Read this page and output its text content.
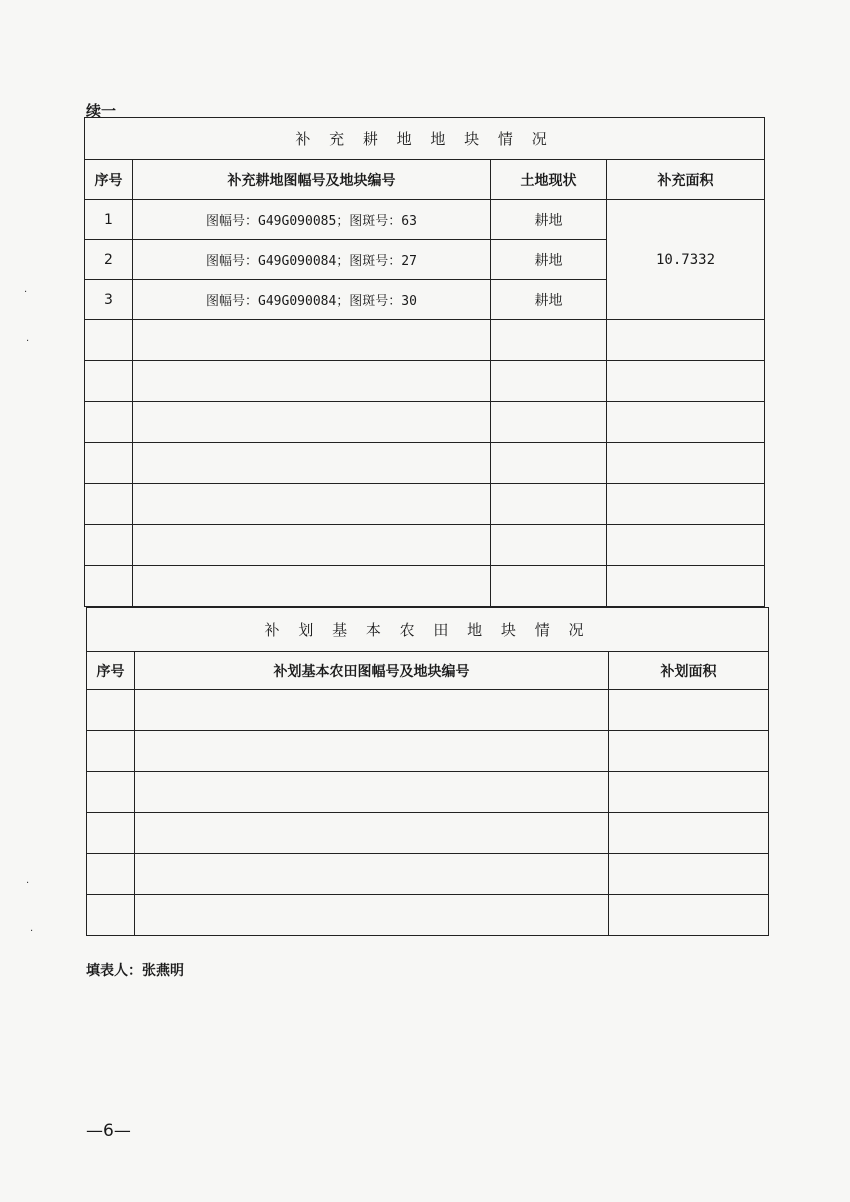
续一
补 充 耕 地 地 块 情 况			
序号	补充耕地图幅号及地块编号	土地现状	补充面积
1	图幅号：G49G090085；图斑号：63	耕地	10.7332
2	图幅号：G49G090084；图斑号：27	耕地	
3	图幅号：G49G090084；图斑号：30	耕地	

补 划 基 本 农 田 地 块 情 况		
序号	补划基本农田图幅号及地块编号	补划面积

填表人：张燕明
—6—
·
·
·
·
